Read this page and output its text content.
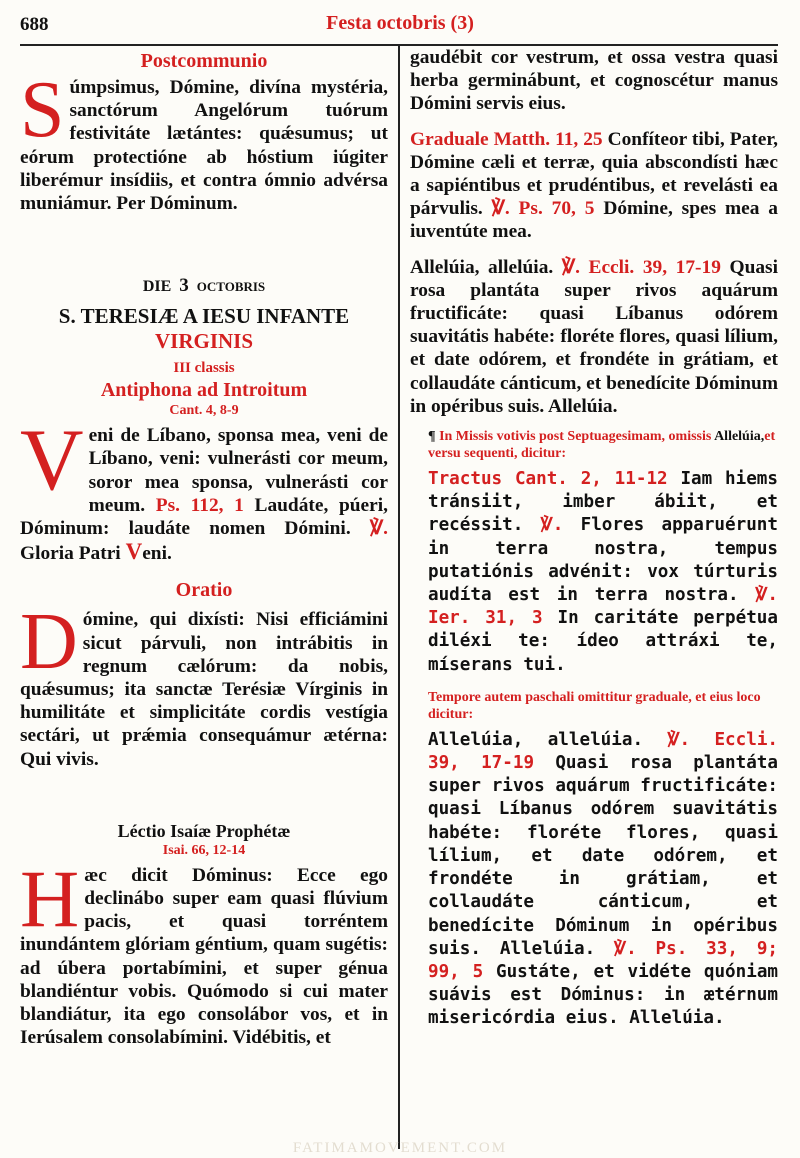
688	Festa octobris (3)
Postcommunio

Súmpsimus, Dómine, divína mystéria, sanctórum Angelórum tuórum festivitáte lætántes: quǽsumus; ut eórum protectióne ab hóstium iúgiter liberémur insídiis, et contra ómnio advérsa muniámur. Per Dóminum.

DIE 3 OCTOBRIS
S. TERESIÆ A IESU INFANTE
VIRGINIS
III classis
Antiphona ad Introitum
Cant. 4, 8-9

Veni de Líbano, sponsa mea, veni de Líbano, veni: vulnerásti cor meum, soror mea sponsa, vulnerásti cor meum. Ps. 112, 1 Laudáte, púeri, Dóminum: laudáte nomen Dómini. ℣. Gloria Patri Veni.

Oratio

Dómine, qui dixísti: Nisi efficiámini sicut párvuli, non intrábitis in regnum cælórum: da nobis, quǽsumus; ita sanctæ Terésiæ Vírginis in humilitáte et simplicitáte cordis vestígia sectári, ut prǽmia consequámur ætérna: Qui vivis.

Léctio Isaíæ Prophétæ
Isai. 66, 12-14

Hæc dicit Dóminus: Ecce ego declinábo super eam quasi flúvium pacis, et quasi torréntem inundántem glóriam géntium, quam sugétis: ad úbera portabímini, et super génua blandiéntur vobis. Quómodo si cui mater blandiátur, ita ego consolábor vos, et in Ierúsalem consolabímini. Vidébitis, et

gaudébit cor vestrum, et ossa vestra quasi herba germinábunt, et cognoscétur manus Dómini servis eius.

Graduale Matth. 11, 25 Confíteor tibi, Pater, Dómine cæli et terræ, quia abscondísti hæc a sapiéntibus et prudéntibus, et revelásti ea párvulis. ℣. Ps. 70, 5 Dómine, spes mea a iuventúte mea.

Allelúia, allelúia. ℣. Eccli. 39, 17-19 Quasi rosa plantáta super rivos aquárum fructificáte: quasi Líbanus odórem suavitátis habéte: floréte flores, quasi lílium, et date odórem, et frondéte in grátiam, et collaudáte cánticum, et benedícite Dóminum in opéribus suis. Allelúia.

¶ In Missis votivis post Septuagesimam, omissis Allelúia,et versu sequenti, dicitur:

Tractus Cant. 2, 11-12 Iam hiems tránsiit, imber ábiit, et recéssit. ℣. Flores apparuérunt in terra nostra, tempus putatiónis advénit: vox túrturis audíta est in terra nostra. ℣. Ier. 31, 3 In caritáte perpétua diléxi te: ídeo attráxi te, míserans tui.

Tempore autem paschali omittitur graduale, et eius loco dicitur:

Allelúia, allelúia. ℣. Eccli. 39, 17-19 Quasi rosa plantáta super rivos aquárum fructificáte: quasi Líbanus odórem suavitátis habéte: floréte flores, quasi lílium, et date odórem, et frondéte in grátiam, et collaudáte cánticum, et benedícite Dóminum in opéribus suis. Allelúia. ℣. Ps. 33, 9; 99, 5 Gustáte, et vidéte quóniam suávis est Dóminus: in ætérnum misericórdia eius. Allelúia.

FATIMAMOVEMENT.COM
